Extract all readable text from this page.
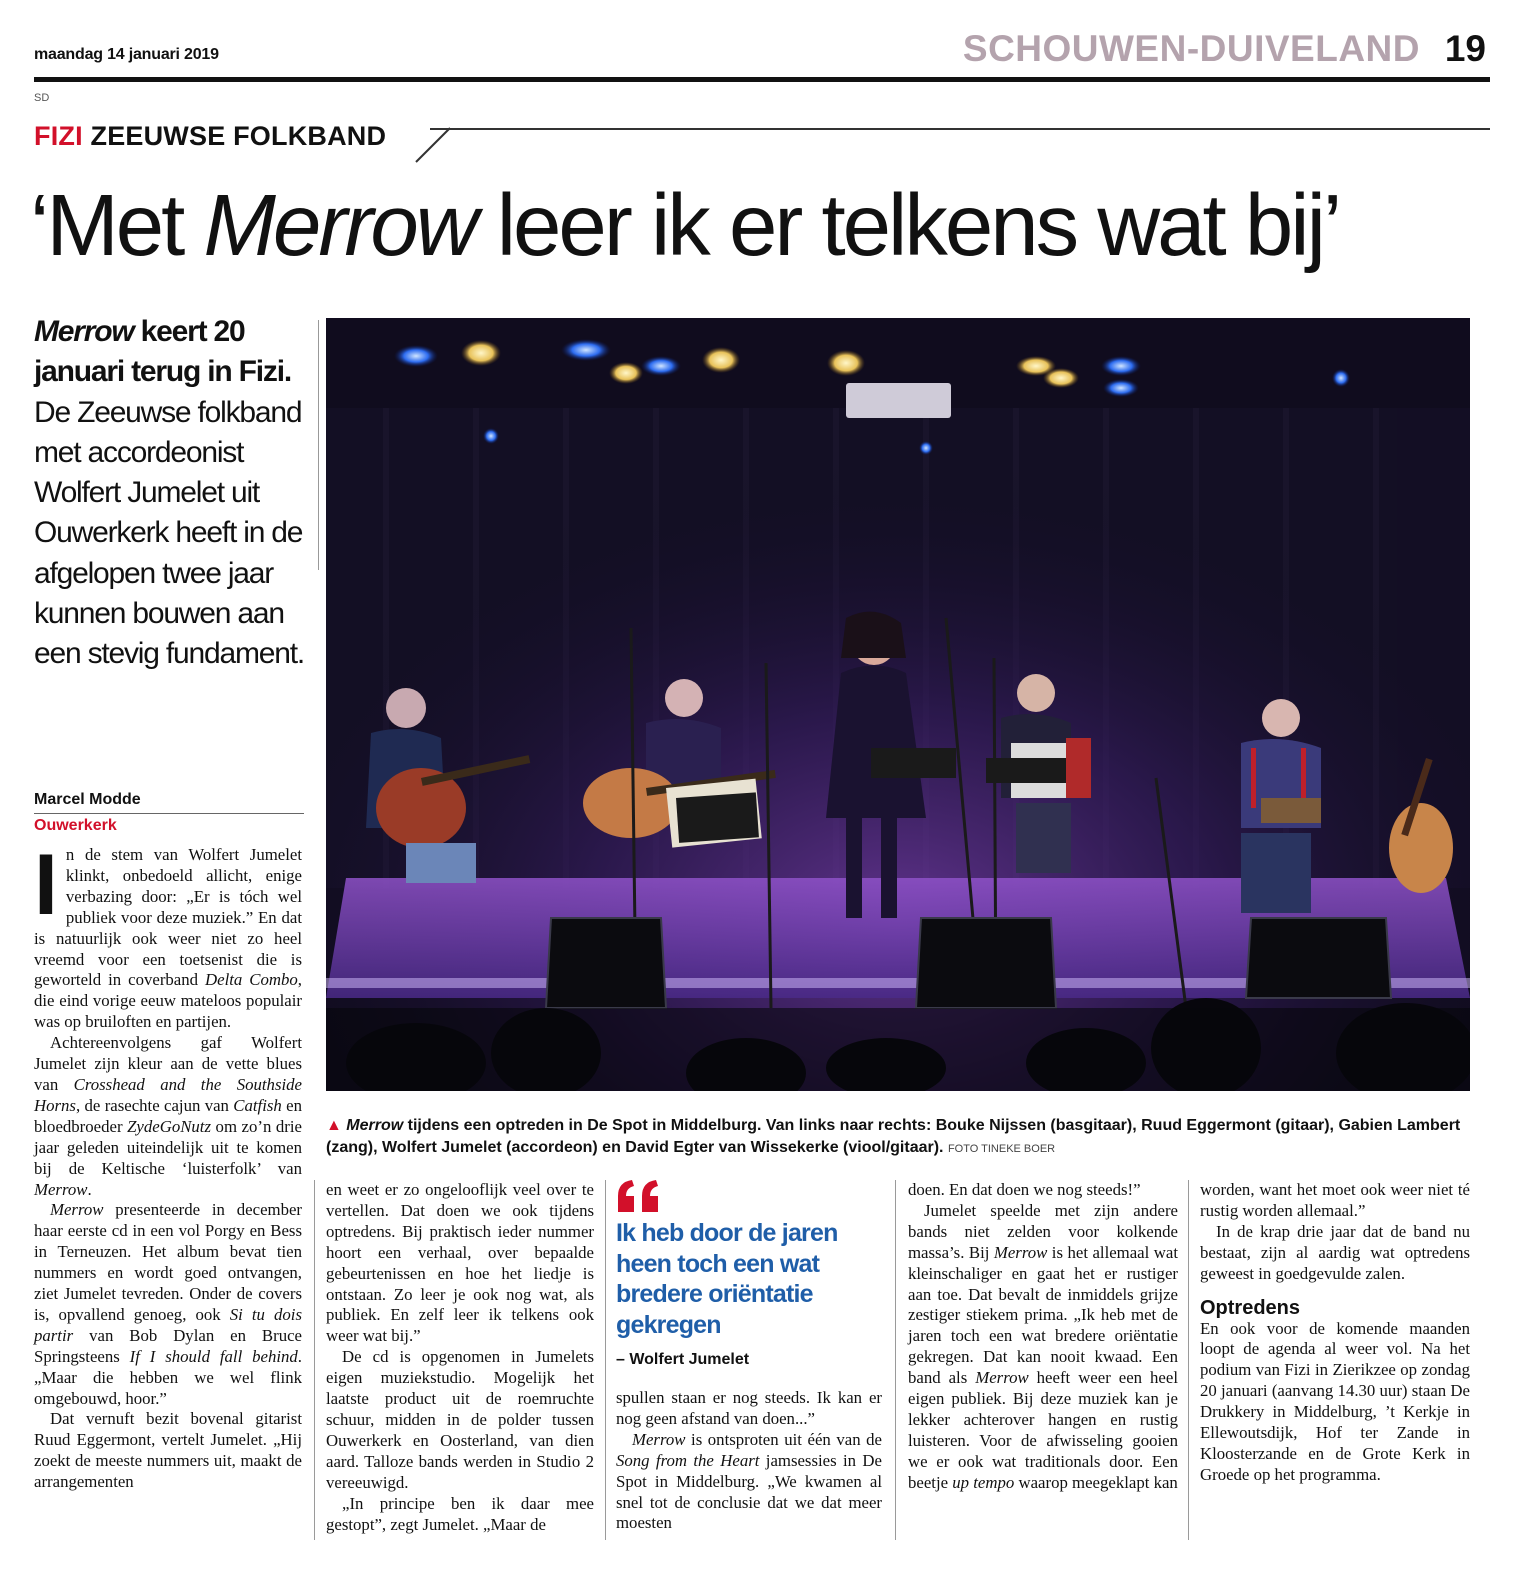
maandag 14 januari 2019	SCHOUWEN-DUIVELAND 19
SD
FIZI ZEEUWSE FOLKBAND
‘Met Merrow leer ik er telkens wat bij’
Merrow keert 20 januari terug in Fizi. De Zeeuwse folkband met accordeonist Wolfert Jumelet uit Ouwerkerk heeft in de afgelopen twee jaar kunnen bouwen aan een stevig fundament.
Marcel Modde
Ouwerkerk
▲ Merrow tijdens een optreden in De Spot in Middelburg. Van links naar rechts: Bouke Nijssen (basgitaar), Ruud Eggermont (gitaar), Gabien Lambert (zang), Wolfert Jumelet (accordeon) en David Egter van Wissekerke (viool/gitaar). FOTO TINEKE BOER

In de stem van Wolfert Jumelet klinkt, onbedoeld allicht, enige verbazing door: „Er is tóch wel publiek voor deze muziek.” En dat is natuurlijk ook weer niet zo heel vreemd voor een toetsenist die is geworteld in coverband Delta Combo, die eind vorige eeuw mateloos populair was op bruiloften en partijen.

Achtereenvolgens gaf Wolfert Jumelet zijn kleur aan de vette blues van Crosshead and the Southside Horns, de rasechte cajun van Catfish en bloedbroeder ZydeGoNutz om zo’n drie jaar geleden uiteindelijk uit te komen bij de Keltische ‘luisterfolk’ van Merrow.

Merrow presenteerde in december haar eerste cd in een vol Porgy en Bess in Terneuzen. Het album bevat tien nummers en wordt goed ontvangen, ziet Jumelet tevreden. Onder de covers is, opvallend genoeg, ook Si tu dois partir van Bob Dylan en Bruce Springsteens If I should fall behind. „Maar die hebben we wel flink omgebouwd, hoor.”

Dat vernuft bezit bovenal gitarist Ruud Eggermont, vertelt Jumelet. „Hij zoekt de meeste nummers uit, maakt de arrangementen

en weet er zo ongelooflijk veel over te vertellen. Dat doen we ook tijdens optredens. Bij praktisch ieder nummer hoort een verhaal, over bepaalde gebeurtenissen en hoe het liedje is ontstaan. Zo leer je ook nog wat, als publiek. En zelf leer ik telkens ook weer wat bij.”

De cd is opgenomen in Jumelets eigen muziekstudio. Mogelijk het laatste product uit de roemruchte schuur, midden in de polder tussen Ouwerkerk en Oosterland, van dien aard. Talloze bands werden in Studio 2 vereeuwigd.

„In principe ben ik daar mee gestopt”, zegt Jumelet. „Maar de

Ik heb door de jaren heen toch een wat bredere oriëntatie gekregen
– Wolfert Jumelet

spullen staan er nog steeds. Ik kan er nog geen afstand van doen...”

Merrow is ontsproten uit één van de Song from the Heart jamsessies in De Spot in Middelburg. „We kwamen al snel tot de conclusie dat we dat meer moesten

doen. En dat doen we nog steeds!”

Jumelet speelde met zijn andere bands niet zelden voor kolkende massa’s. Bij Merrow is het allemaal wat kleinschaliger en gaat het er rustiger aan toe. Dat bevalt de inmiddels grijze zestiger stiekem prima. „Ik heb met de jaren toch een wat bredere oriëntatie gekregen. Dat kan nooit kwaad. Een band als Merrow heeft weer een heel eigen publiek. Bij deze muziek kan je lekker achterover hangen en rustig luisteren. Voor de afwisseling gooien we er ook wat traditionals door. Een beetje up tempo waarop meegeklapt kan

worden, want het moet ook weer niet té rustig worden allemaal.”

In de krap drie jaar dat de band nu bestaat, zijn al aardig wat optredens geweest in goedgevulde zalen.

Optredens

En ook voor de komende maanden loopt de agenda al weer vol. Na het podium van Fizi in Zierikzee op zondag 20 januari (aanvang 14.30 uur) staan De Drukkery in Middelburg, ’t Kerkje in Ellewoutsdijk, Hof ter Zande in Kloosterzande en de Grote Kerk in Groede op het programma.
